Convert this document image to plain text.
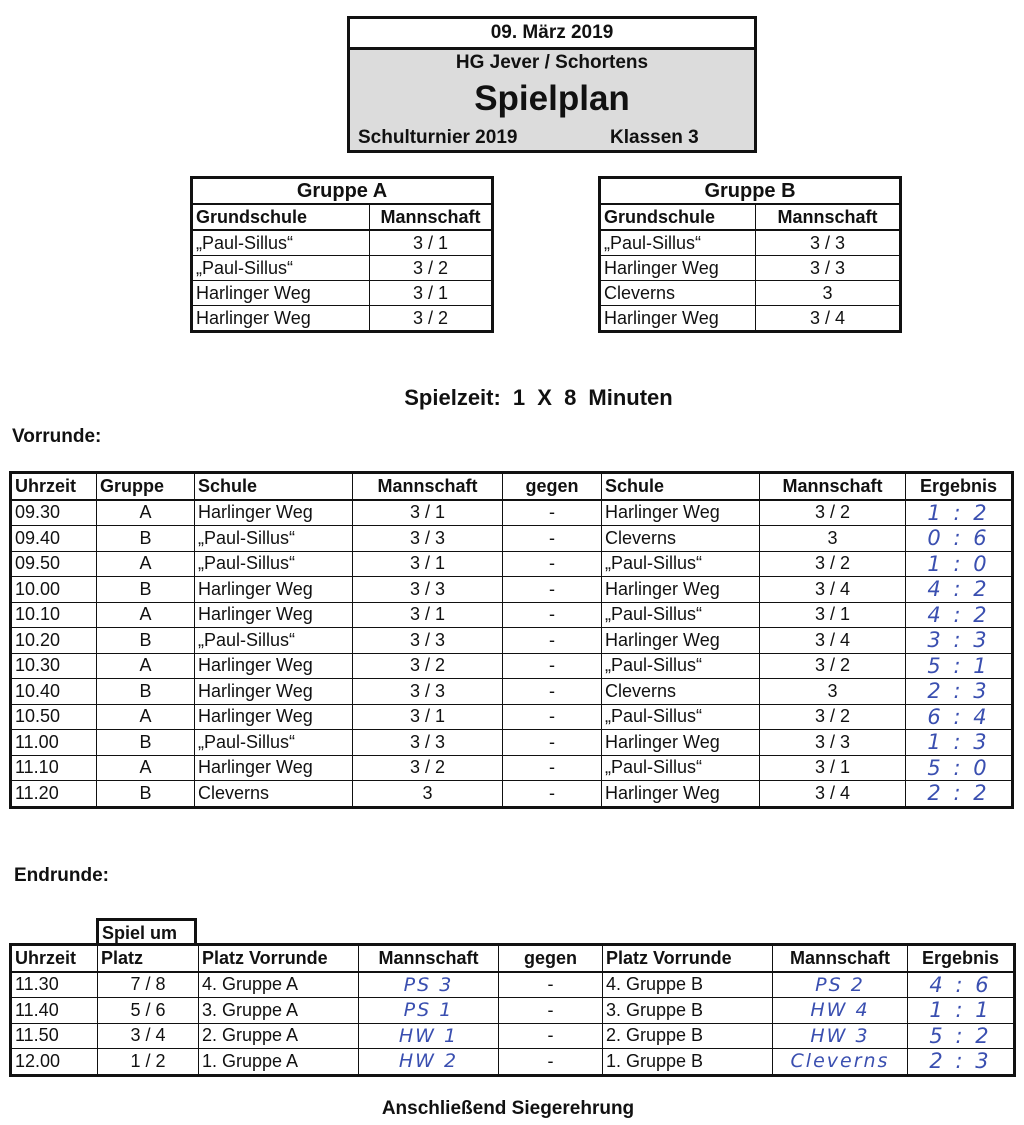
09. März 2019
HG Jever / Schortens
Spielplan
Schulturnier 2019	Klassen 3
Gruppe A	
Grundschule	Mannschaft
„Paul-Sillus“	3 / 1
„Paul-Sillus“	3 / 2
Harlinger Weg	3 / 1
Harlinger Weg	3 / 2
Gruppe B	
Grundschule	Mannschaft
„Paul-Sillus“	3 / 3
Harlinger Weg	3 / 3
Cleverns	3
Harlinger Weg	3 / 4
Spielzeit: 1 X 8 Minuten
Vorrunde:
Uhrzeit	Gruppe	Schule	Mannschaft	gegen	Schule	Mannschaft	Ergebnis
09.30	A	Harlinger Weg	3 / 1	-	Harlinger Weg	3 / 2	1 : 2
09.40	B	„Paul-Sillus“	3 / 3	-	Cleverns	3	0 : 6
09.50	A	„Paul-Sillus“	3 / 1	-	„Paul-Sillus“	3 / 2	1 : 0
10.00	B	Harlinger Weg	3 / 3	-	Harlinger Weg	3 / 4	4 : 2
10.10	A	Harlinger Weg	3 / 1	-	„Paul-Sillus“	3 / 1	4 : 2
10.20	B	„Paul-Sillus“	3 / 3	-	Harlinger Weg	3 / 4	3 : 3
10.30	A	Harlinger Weg	3 / 2	-	„Paul-Sillus“	3 / 2	5 : 1
10.40	B	Harlinger Weg	3 / 3	-	Cleverns	3	2 : 3
10.50	A	Harlinger Weg	3 / 1	-	„Paul-Sillus“	3 / 2	6 : 4
11.00	B	„Paul-Sillus“	3 / 3	-	Harlinger Weg	3 / 3	1 : 3
11.10	A	Harlinger Weg	3 / 2	-	„Paul-Sillus“	3 / 1	5 : 0
11.20	B	Cleverns	3	-	Harlinger Weg	3 / 4	2 : 2
Endrunde:
Spiel um
Uhrzeit	Platz	Platz Vorrunde	Mannschaft	gegen	Platz Vorrunde	Mannschaft	Ergebnis
11.30	7 / 8	4. Gruppe A	PS 3	-	4. Gruppe B	PS 2	4 : 6
11.40	5 / 6	3. Gruppe A	PS 1	-	3. Gruppe B	HW 4	1 : 1
11.50	3 / 4	2. Gruppe A	HW 1	-	2. Gruppe B	HW 3	5 : 2
12.00	1 / 2	1. Gruppe A	HW 2	-	1. Gruppe B	Cleverns	2 : 3
Anschließend Siegerehrung
